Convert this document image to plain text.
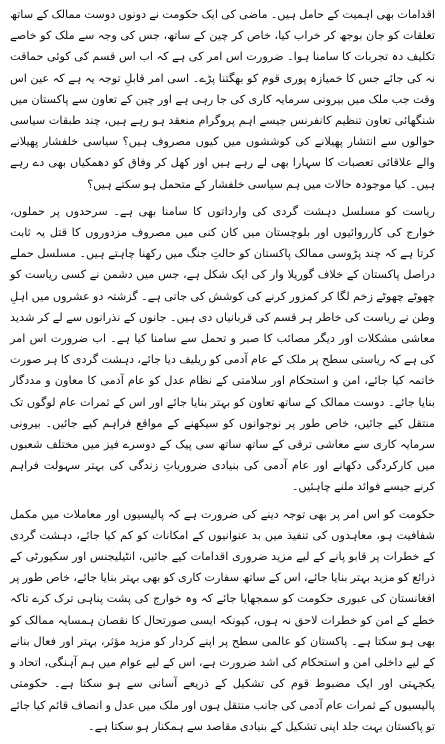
اقدامات بھی اہمیت کے حامل ہیں۔ ماضی کی ایک حکومت نے دونوں دوست ممالک کے ساتھ تعلقات کو جان بوجھ کر خراب کیا، خاص کر چین کے ساتھ، جس کی وجہ سے ملک کو خاصے تکلیف دہ تجربات کا سامنا ہوا۔ ضرورت اس امر کی ہے کہ اب اس قسم کی کوئی حماقت نہ کی جائے جس کا خمیازہ پوری قوم کو بھگتنا پڑے۔ اسی امر قابلِ توجہ یہ ہے کہ عین اس وقت جب ملک میں بیرونی سرمایہ کاری کی جا رہی ہے اور چین کے تعاون سے پاکستان میں شنگھائی تعاون تنظیم کانفرنس جیسے اہم پروگرام منعقد ہو رہے ہیں، چند طبقات سیاسی حوالوں سے انتشار پھیلانے کی کوششوں میں کیوں مصروف ہیں؟ سیاسی خلفشار پھیلانے والے علاقائی تعصبات کا سہارا بھی لے رہے ہیں اور کھل کر وفاق کو دھمکیاں بھی دے رہے ہیں۔ کیا موجودہ حالات میں ہم سیاسی خلفشار کے متحمل ہو سکتے ہیں؟

ریاست کو مسلسل دہشت گردی کی وارداتوں کا سامنا بھی ہے۔ سرحدوں پر حملوں، خوارج کی کارروائیوں اور بلوچستان میں کان کنی میں مصروف مزدوروں کا قتل یہ ثابت کرتا ہے کہ چند پڑوسی ممالک پاکستان کو حالتِ جنگ میں رکھنا چاہتے ہیں۔ مسلسل حملے دراصل پاکستان کے خلاف گوریلا وار کی ایک شکل ہے، جس میں دشمن نے کسی ریاست کو چھوٹے چھوٹے زخم لگا کر کمزور کرنے کی کوشش کی جاتی ہے۔ گزشتہ دو عشروں میں اہلِ وطن نے ریاست کی خاطر ہر قسم کی قربانیاں دی ہیں۔ جانوں کے نذرانوں سے لے کر شدید معاشی مشکلات اور دیگر مصائب کا صبر و تحمل سے سامنا کیا ہے۔ اب ضرورت اس امر کی ہے کہ ریاستی سطح پر ملک کے عام آدمی کو ریلیف دیا جائے، دہشت گردی کا ہر صورت خاتمہ کیا جائے، امن و استحکام اور سلامتی کے نظام عدل کو عام آدمی کا معاون و مددگار بنایا جائے۔ دوست ممالک کے ساتھ تعاون کو بہتر بنایا جائے اور اس کے ثمرات عام لوگوں تک منتقل کیے جائیں، خاص طور پر نوجوانوں کو سیکھنے کے مواقع فراہم کیے جائیں۔ بیرونی سرمایہ کاری سے معاشی ترقی کے ساتھ ساتھ سی پیک کے دوسرے فیز میں مختلف شعبوں میں کارکردگی دکھانے اور عام آدمی کی بنیادی ضروریاتِ زندگی کی بہتر سہولت فراہم کرنے جیسے فوائد ملنے چاہئیں۔

حکومت کو اس امر پر بھی توجہ دینے کی ضرورت ہے کہ پالیسیوں اور معاملات میں مکمل شفافیت ہو، معاہدوں کی تنفیذ میں بد عنوانیوں کے امکانات کو کم کیا جائے، دہشت گردی کے خطرات پر قابو پانے کے لیے مزید ضروری اقدامات کیے جائیں، انٹیلیجنس اور سکیورٹی کے ذرائع کو مزید بہتر بنایا جائے، اس کے ساتھ سفارت کاری کو بھی بہتر بنایا جائے، خاص طور پر افغانستان کی عبوری حکومت کو سمجھایا جائے کہ وہ خوارج کی پشت پناہی ترک کرے تاکہ خطے کے امن کو خطرات لاحق نہ ہوں، کیونکہ ایسی صورتحال کا نقصان ہمسایہ ممالک کو بھی ہو سکتا ہے۔ پاکستان کو عالمی سطح پر اپنے کردار کو مزید مؤثر، بہتر اور فعال بنانے کے لیے داخلی امن و استحکام کی اشد ضرورت ہے، اس کے لیے عوام میں ہم آہنگی، اتحاد و یکجہتی اور ایک مضبوط قوم کی تشکیل کے ذریعے آسانی سے ہو سکتا ہے۔ حکومتی پالیسیوں کے ثمرات عام آدمی کی جانب منتقل ہوں اور ملک میں عدل و انصاف قائم کیا جائے تو پاکستان بہت جلد اپنی تشکیل کے بنیادی مقاصد سے ہمکنار ہو سکتا ہے۔
